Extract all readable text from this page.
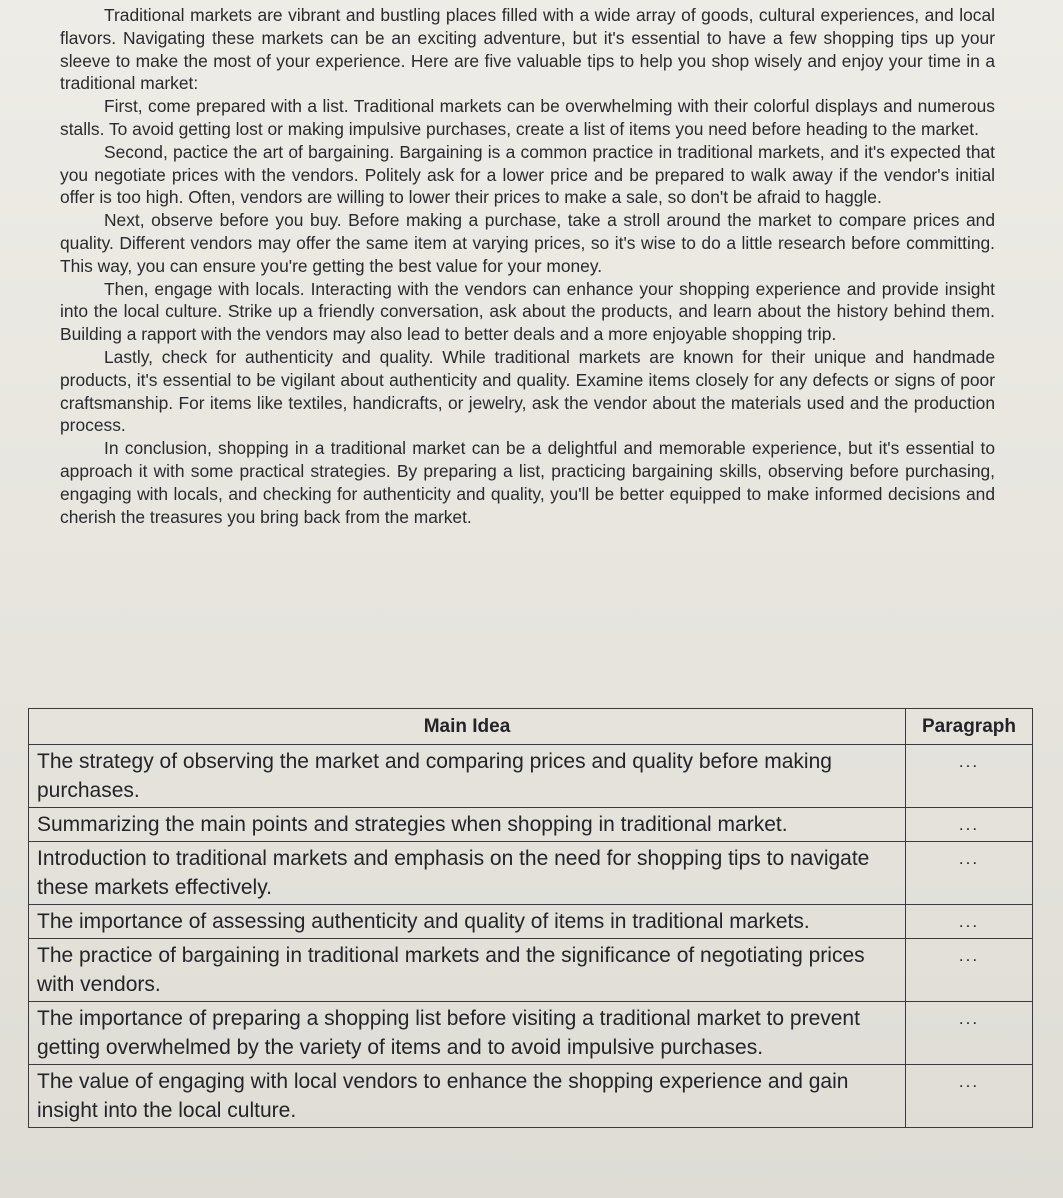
Traditional markets are vibrant and bustling places filled with a wide array of goods, cultural experiences, and local flavors. Navigating these markets can be an exciting adventure, but it's essential to have a few shopping tips up your sleeve to make the most of your experience. Here are five valuable tips to help you shop wisely and enjoy your time in a traditional market:

First, come prepared with a list. Traditional markets can be overwhelming with their colorful displays and numerous stalls. To avoid getting lost or making impulsive purchases, create a list of items you need before heading to the market.

Second, pactice the art of bargaining. Bargaining is a common practice in traditional markets, and it's expected that you negotiate prices with the vendors. Politely ask for a lower price and be prepared to walk away if the vendor's initial offer is too high. Often, vendors are willing to lower their prices to make a sale, so don't be afraid to haggle.

Next, observe before you buy. Before making a purchase, take a stroll around the market to compare prices and quality. Different vendors may offer the same item at varying prices, so it's wise to do a little research before committing. This way, you can ensure you're getting the best value for your money.

Then, engage with locals. Interacting with the vendors can enhance your shopping experience and provide insight into the local culture. Strike up a friendly conversation, ask about the products, and learn about the history behind them. Building a rapport with the vendors may also lead to better deals and a more enjoyable shopping trip.

Lastly, check for authenticity and quality. While traditional markets are known for their unique and handmade products, it's essential to be vigilant about authenticity and quality. Examine items closely for any defects or signs of poor craftsmanship. For items like textiles, handicrafts, or jewelry, ask the vendor about the materials used and the production process.

In conclusion, shopping in a traditional market can be a delightful and memorable experience, but it's essential to approach it with some practical strategies. By preparing a list, practicing bargaining skills, observing before purchasing, engaging with locals, and checking for authenticity and quality, you'll be better equipped to make informed decisions and cherish the treasures you bring back from the market.

Main Idea	Paragraph
The strategy of observing the market and comparing prices and quality before making purchases.	...
Summarizing the main points and strategies when shopping in traditional market.	...
Introduction to traditional markets and emphasis on the need for shopping tips to navigate these markets effectively.	...
The importance of assessing authenticity and quality of items in traditional markets.	...
The practice of bargaining in traditional markets and the significance of negotiating prices with vendors.	...
The importance of preparing a shopping list before visiting a traditional market to prevent getting overwhelmed by the variety of items and to avoid impulsive purchases.	...
The value of engaging with local vendors to enhance the shopping experience and gain insight into the local culture.	...
